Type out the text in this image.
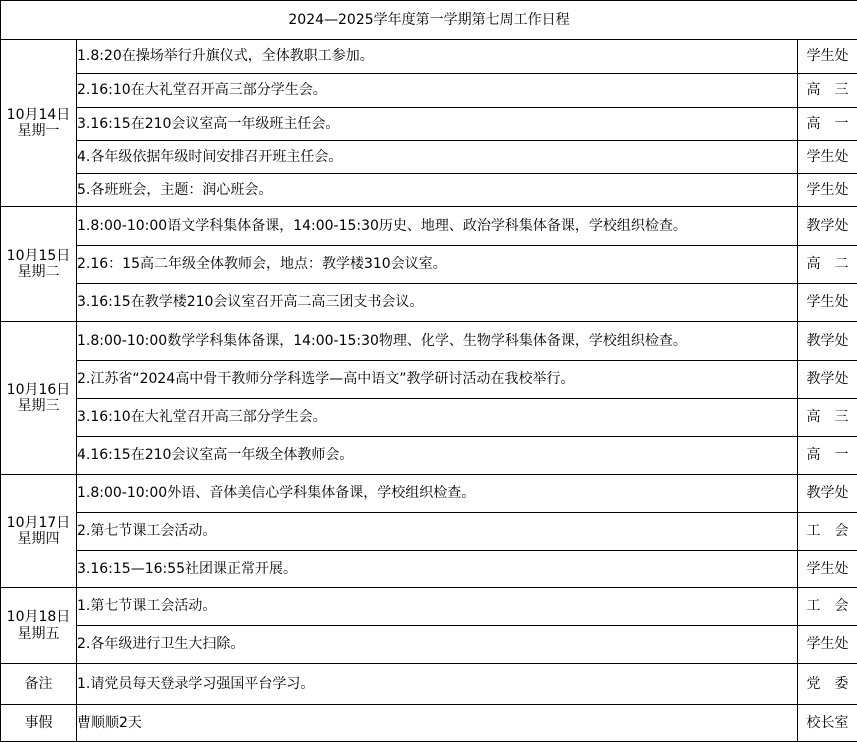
2024—2025学年度第一学期第七周工作日程		

10月14日
星期一	1.8:20在操场举行升旗仪式，全体教职工参加。	学生处
	2.16:10在大礼堂召开高三部分学生会。	高　三
	3.16:15在210会议室高一年级班主任会。	高　一
	4.各年级依据年级时间安排召开班主任会。	学生处
	5.各班班会，主题：润心班会。	学生处

10月15日
星期二	1.8:00-10:00语文学科集体备课，14:00-15:30历史、地理、政治学科集体备课，学校组织检查。	教学处
	2.16：15高二年级全体教师会，地点：教学楼310会议室。	高　二
	3.16:15在教学楼210会议室召开高二高三团支书会议。	学生处

10月16日
星期三	1.8:00-10:00数学学科集体备课，14:00-15:30物理、化学、生物学科集体备课，学校组织检查。	教学处
	2.江苏省“2024高中骨干教师分学科选学—高中语文”教学研讨活动在我校举行。	教学处
	3.16:10在大礼堂召开高三部分学生会。	高　三
	4.16:15在210会议室高一年级全体教师会。	高　一

10月17日
星期四	1.8:00-10:00外语、音体美信心学科集体备课，学校组织检查。	教学处
	2.第七节课工会活动。	工　会
	3.16:15—16:55社团课正常开展。	学生处

10月18日
星期五	1.第七节课工会活动。	工　会
	2.各年级进行卫生大扫除。	学生处
备注	1.请党员每天登录学习强国平台学习。	党　委
事假	曹顺顺2天	校长室
